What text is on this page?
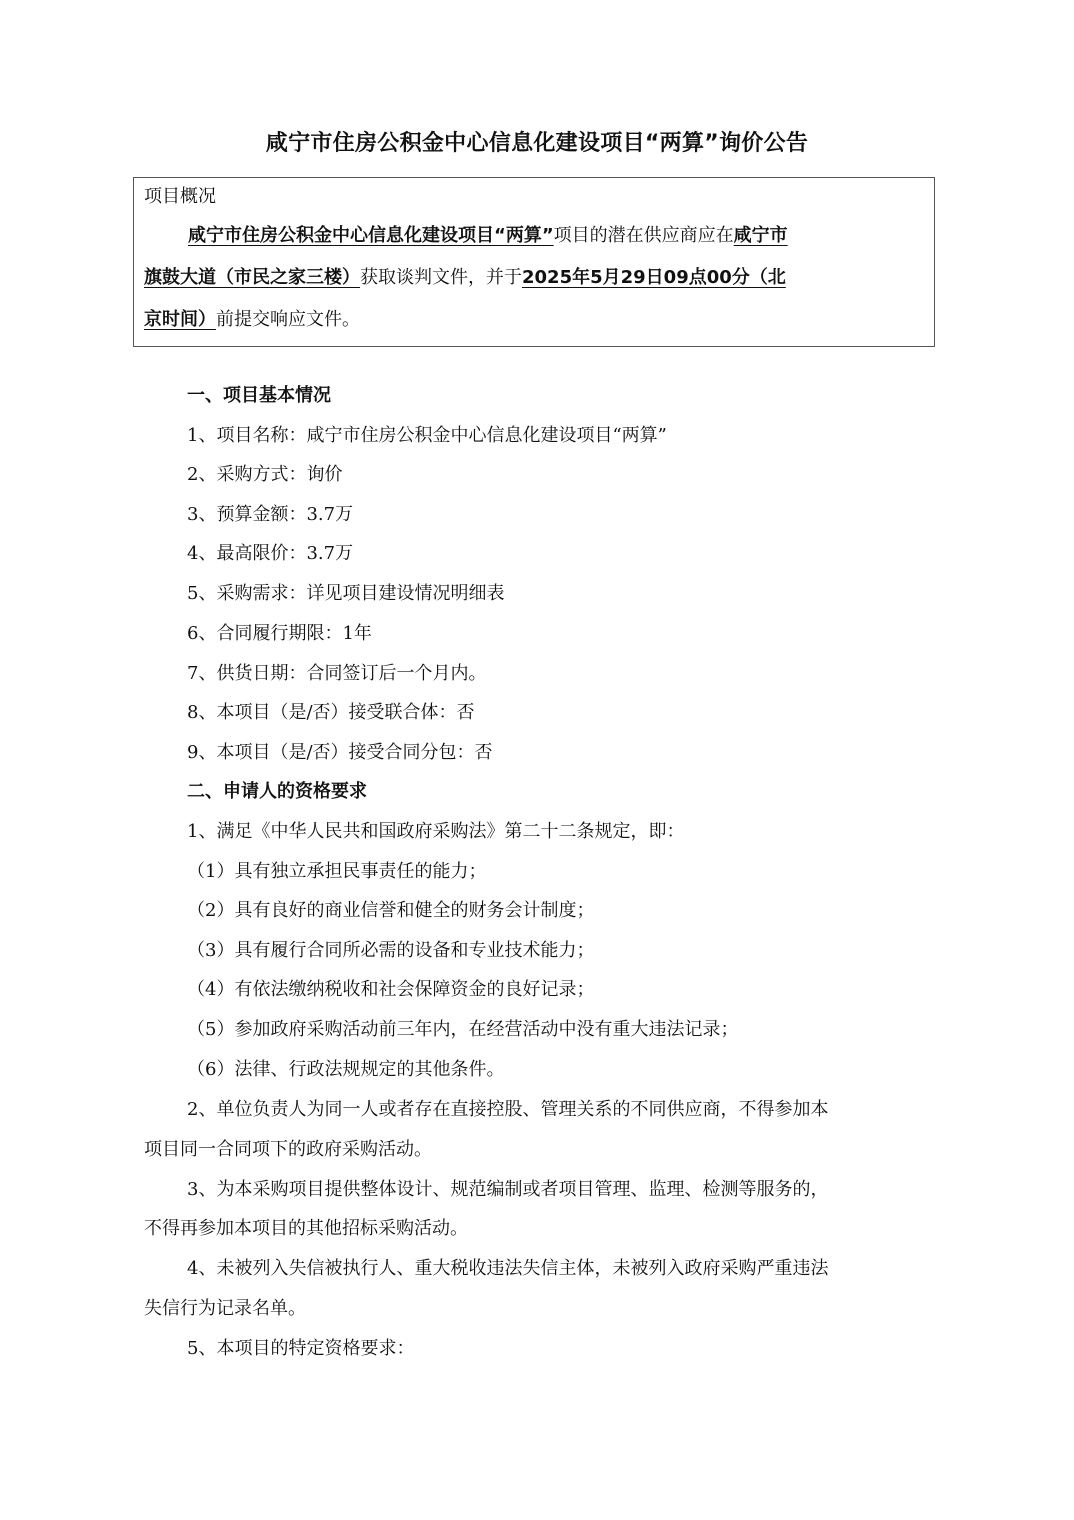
咸宁市住房公积金中心信息化建设项目“两算”询价公告
项目概况
咸宁市住房公积金中心信息化建设项目“两算”项目的潜在供应商应在咸宁市
旗鼓大道（市民之家三楼）获取谈判文件，并于2025年5月29日09点00分（北
京时间）前提交响应文件。
一、项目基本情况
1、项目名称：咸宁市住房公积金中心信息化建设项目“两算”
2、采购方式：询价
3、预算金额：3.7万
4、最高限价：3.7万
5、采购需求：详见项目建设情况明细表
6、合同履行期限：1年
7、供货日期：合同签订后一个月内。
8、本项目（是/否）接受联合体：否
9、本项目（是/否）接受合同分包：否
二、申请人的资格要求
1、满足《中华人民共和国政府采购法》第二十二条规定，即：
（1）具有独立承担民事责任的能力；
（2）具有良好的商业信誉和健全的财务会计制度；
（3）具有履行合同所必需的设备和专业技术能力；
（4）有依法缴纳税收和社会保障资金的良好记录；
（5）参加政府采购活动前三年内，在经营活动中没有重大违法记录；
（6）法律、行政法规规定的其他条件。
2、单位负责人为同一人或者存在直接控股、管理关系的不同供应商，不得参加本
项目同一合同项下的政府采购活动。
3、为本采购项目提供整体设计、规范编制或者项目管理、监理、检测等服务的，
不得再参加本项目的其他招标采购活动。
4、未被列入失信被执行人、重大税收违法失信主体，未被列入政府采购严重违法
失信行为记录名单。
5、本项目的特定资格要求：
